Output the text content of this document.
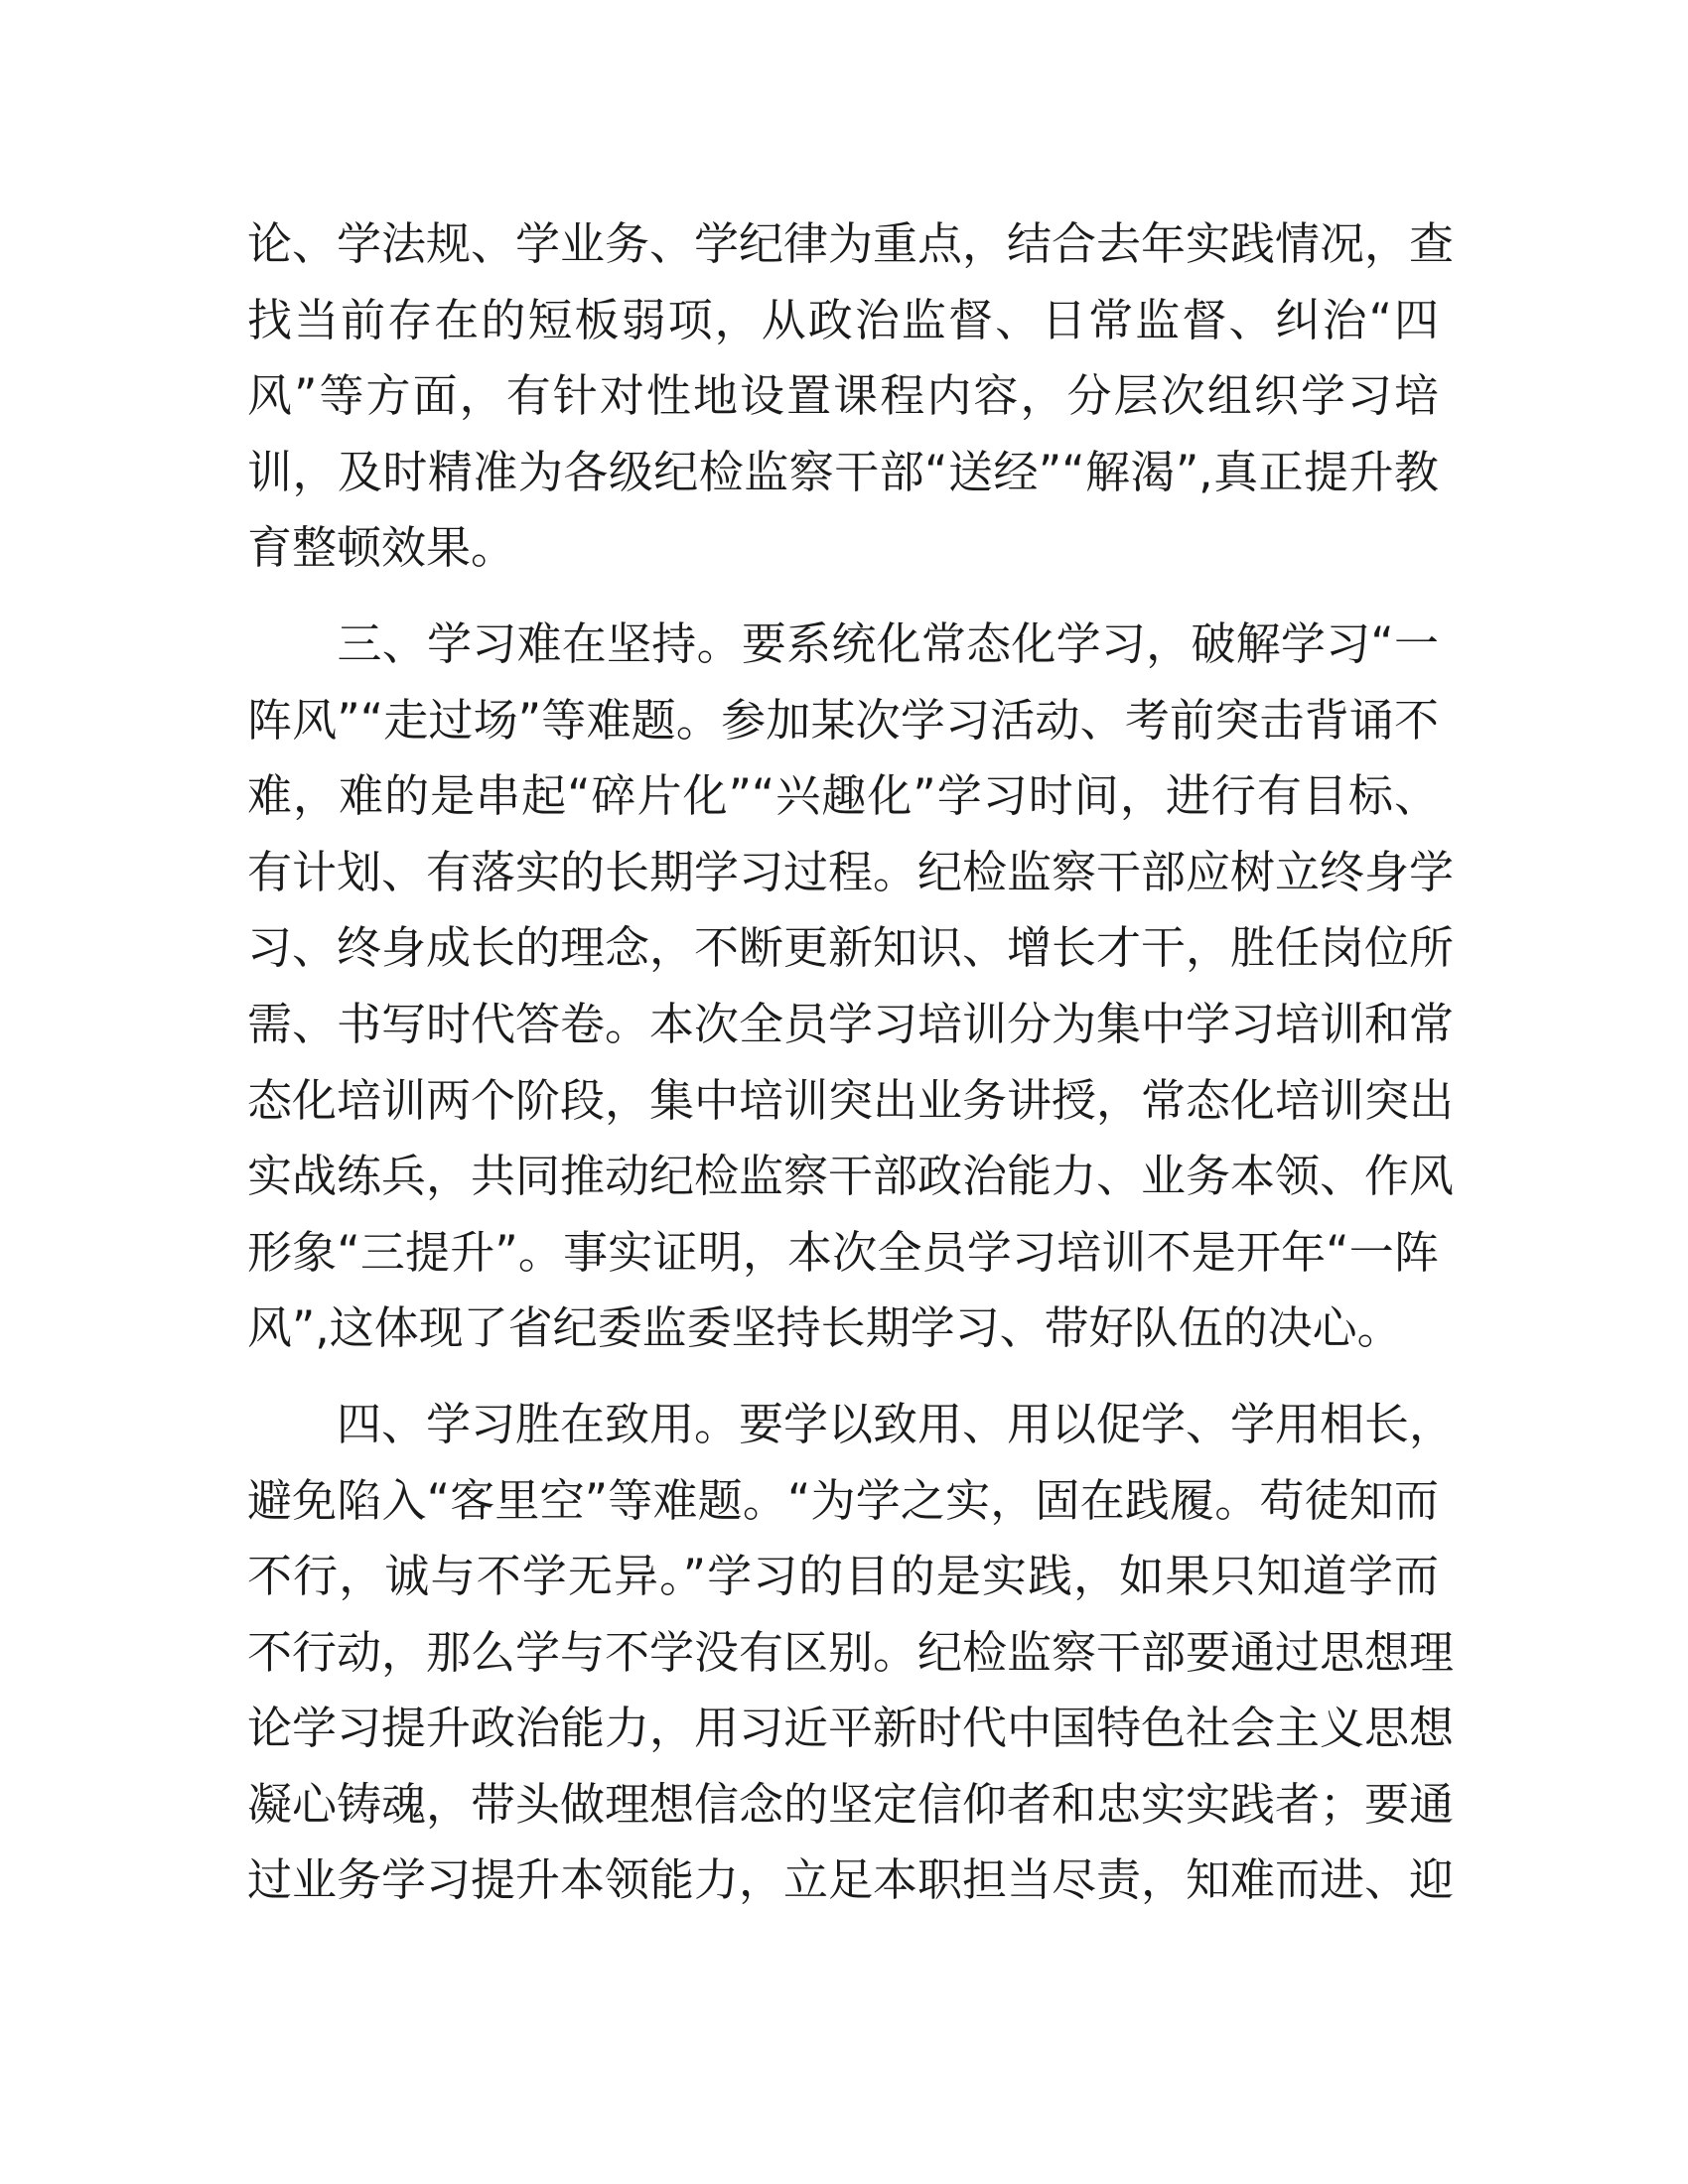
论、学法规、学业务、学纪律为重点，结合去年实践情况，查
找当前存在的短板弱项，从政治监督、日常监督、纠治“四
风”等方面，有针对性地设置课程内容，分层次组织学习培
训，及时精准为各级纪检监察干部“送经”“解渴”,真正提升教
育整顿效果。
　　三、学习难在坚持。要系统化常态化学习，破解学习“一
阵风”“走过场”等难题。参加某次学习活动、考前突击背诵不
难，难的是串起“碎片化”“兴趣化”学习时间，进行有目标、
有计划、有落实的长期学习过程。纪检监察干部应树立终身学
习、终身成长的理念，不断更新知识、增长才干，胜任岗位所
需、书写时代答卷。本次全员学习培训分为集中学习培训和常
态化培训两个阶段，集中培训突出业务讲授，常态化培训突出
实战练兵，共同推动纪检监察干部政治能力、业务本领、作风
形象“三提升”。事实证明，本次全员学习培训不是开年“一阵
风”,这体现了省纪委监委坚持长期学习、带好队伍的决心。
　　四、学习胜在致用。要学以致用、用以促学、学用相长，
避免陷入“客里空”等难题。“为学之实，固在践履。苟徒知而
不行，诚与不学无异。”学习的目的是实践，如果只知道学而
不行动，那么学与不学没有区别。纪检监察干部要通过思想理
论学习提升政治能力，用习近平新时代中国特色社会主义思想
凝心铸魂，带头做理想信念的坚定信仰者和忠实实践者；要通
过业务学习提升本领能力，立足本职担当尽责，知难而进、迎
